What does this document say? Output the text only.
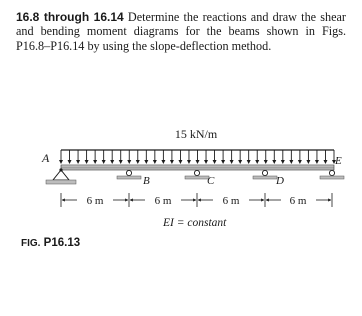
16.8 through 16.14 Determine the reactions and draw the shear and bending moment diagrams for the beams shown in Figs. P16.8–P16.14 by using the slope-deflection method.
15 kN/m
A
B	C	D
E
6 m	6 m	6 m	6 m
EI = constant
FIG. P16.13
